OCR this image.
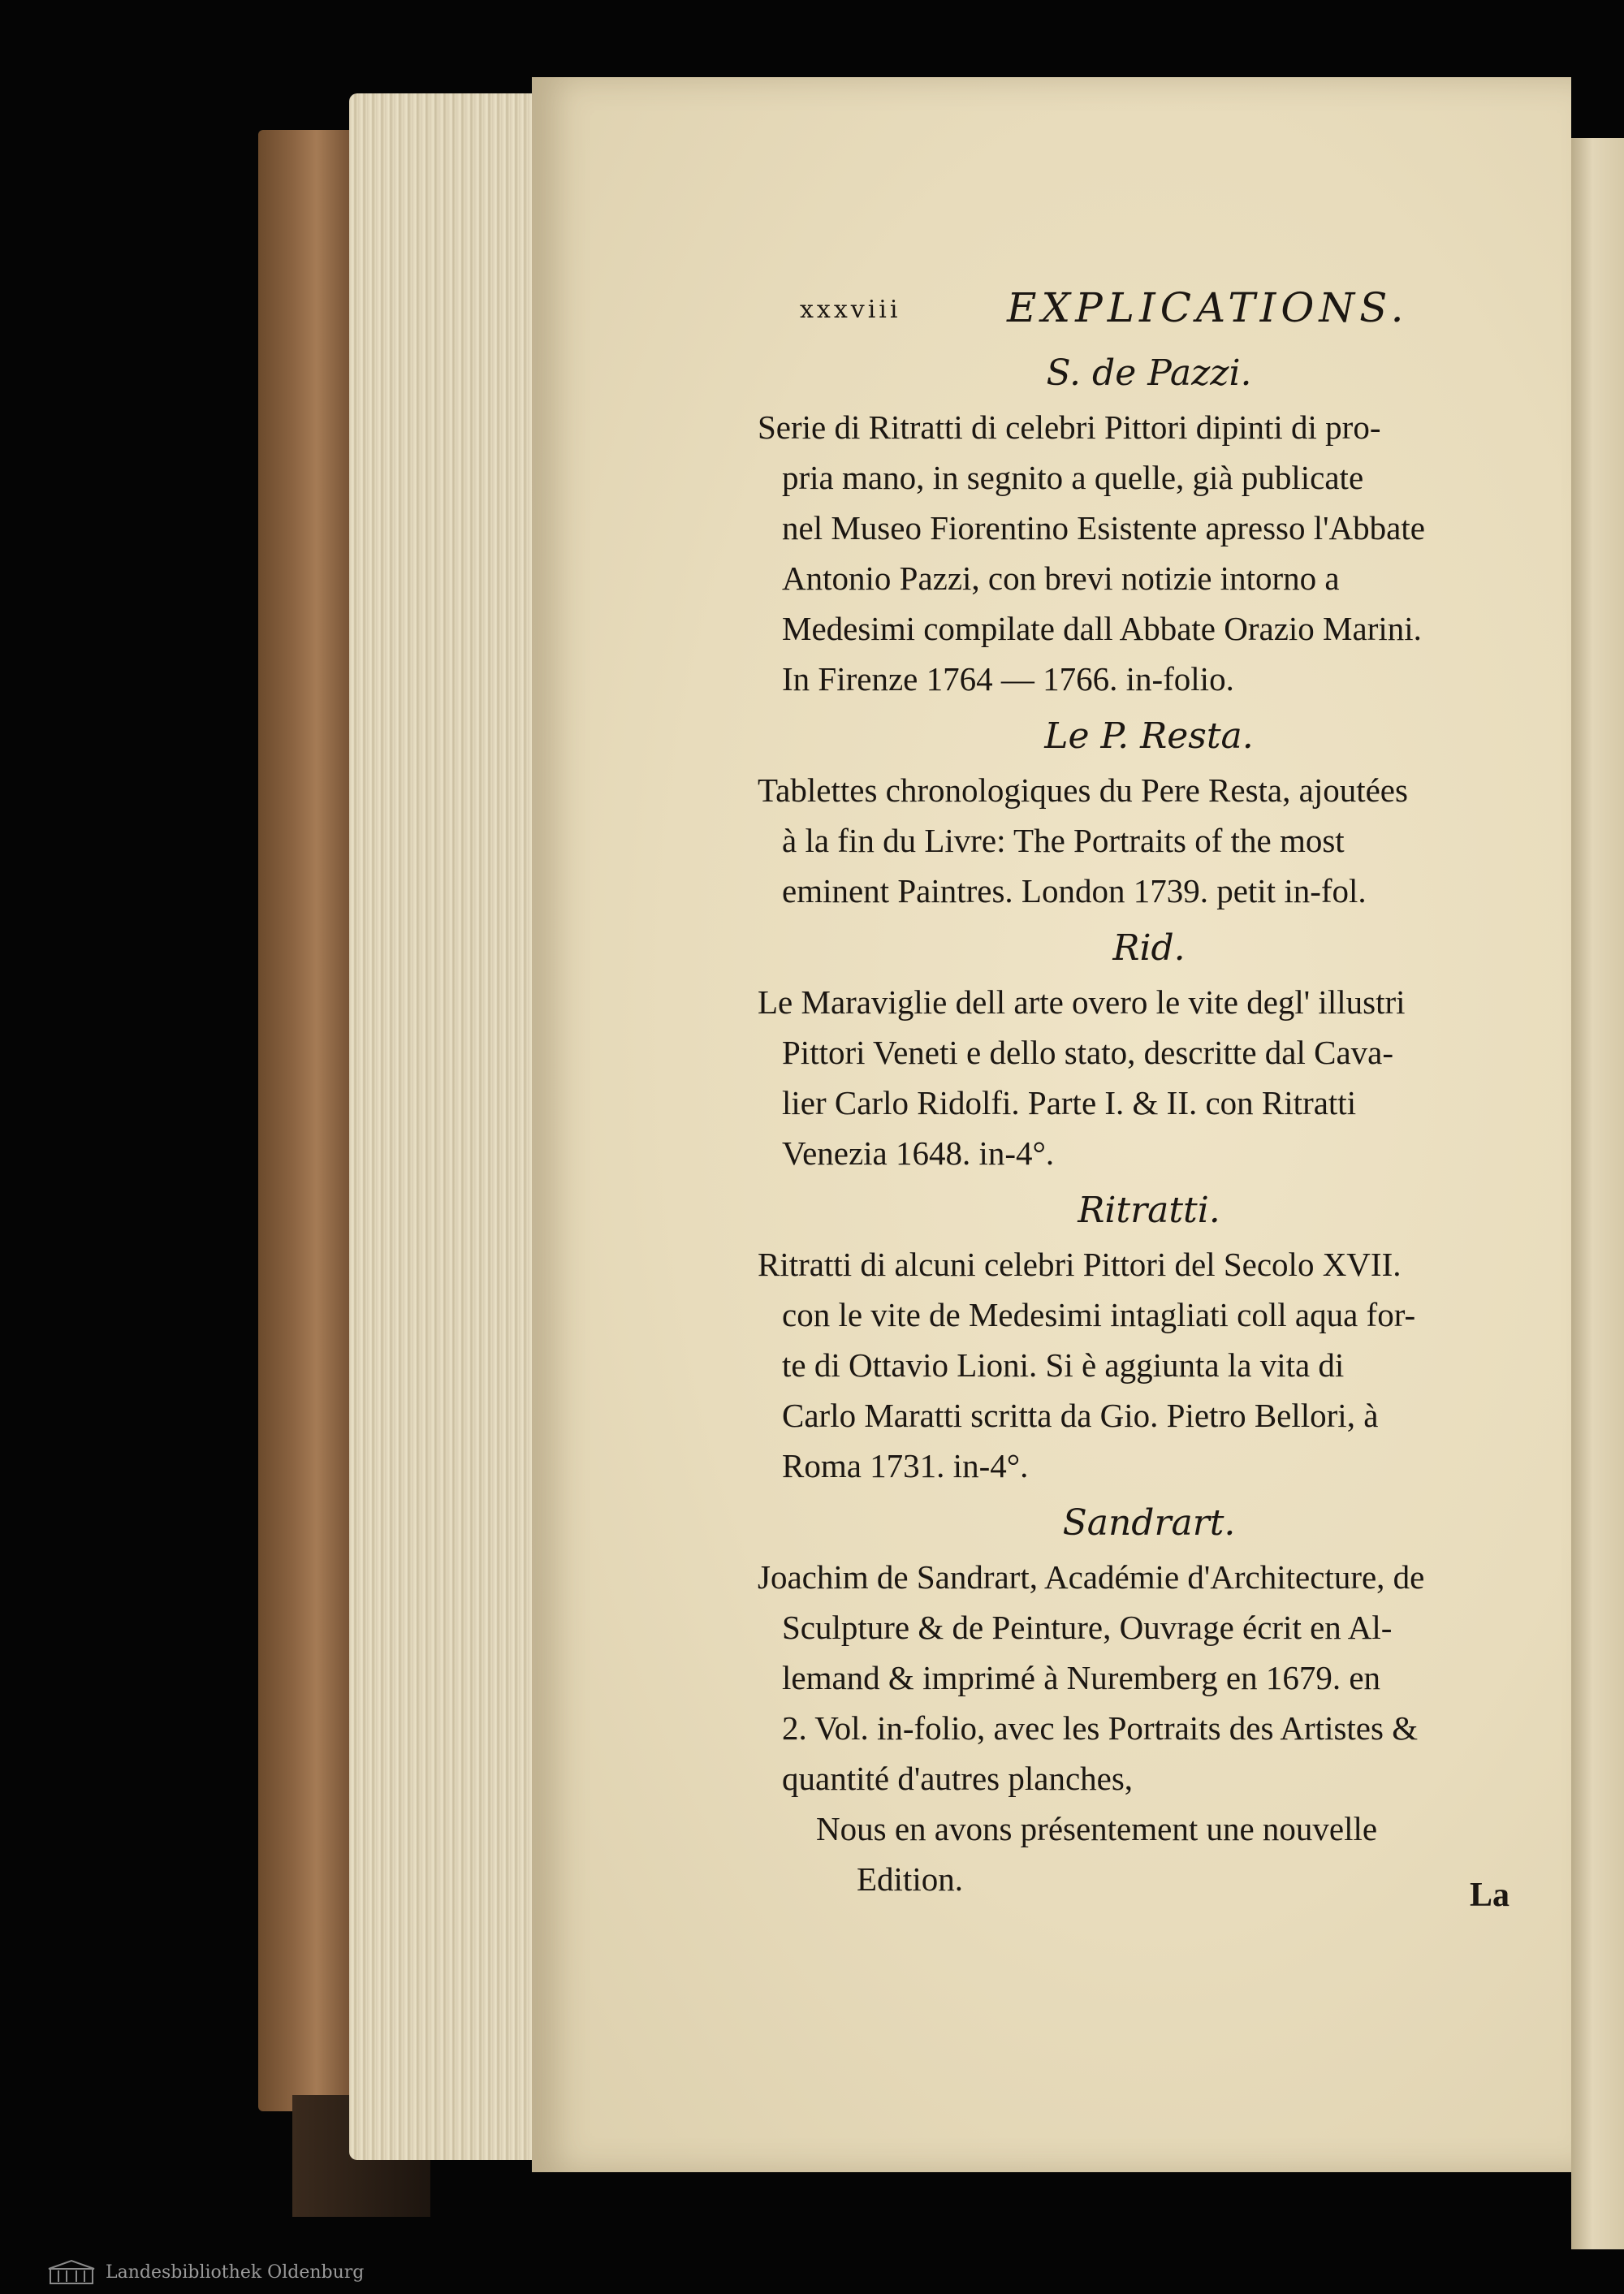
xxxviii	EXPLICATIONS.
S. de Pazzi.
Serie di Ritratti di celebri Pittori dipinti di pro-
pria mano, in segnito a quelle, già publicate
nel Museo Fiorentino Esistente apresso l'Abbate
Antonio Pazzi, con brevi notizie intorno a
Medesimi compilate dall Abbate Orazio Marini.
In Firenze 1764 — 1766. in-folio.
Le P. Resta.
Tablettes chronologiques du Pere Resta, ajoutées
à la fin du Livre: The Portraits of the most
eminent Paintres. London 1739. petit in-fol.
Rid.
Le Maraviglie dell arte overo le vite degl' illustri
Pittori Veneti e dello stato, descritte dal Cava-
lier Carlo Ridolfi. Parte I. & II. con Ritratti
Venezia 1648. in-4°.
Ritratti.
Ritratti di alcuni celebri Pittori del Secolo XVII.
con le vite de Medesimi intagliati coll aqua for-
te di Ottavio Lioni. Si è aggiunta la vita di
Carlo Maratti scritta da Gio. Pietro Bellori, à
Roma 1731. in-4°.
Sandrart.
Joachim de Sandrart, Académie d'Architecture, de
Sculpture & de Peinture, Ouvrage écrit en Al-
lemand & imprimé à Nuremberg en 1679. en
2. Vol. in-folio, avec les Portraits des Artistes &
quantité d'autres planches,
Nous en avons présentement une nouvelle
Edition.	La
Landesbibliothek Oldenburg
